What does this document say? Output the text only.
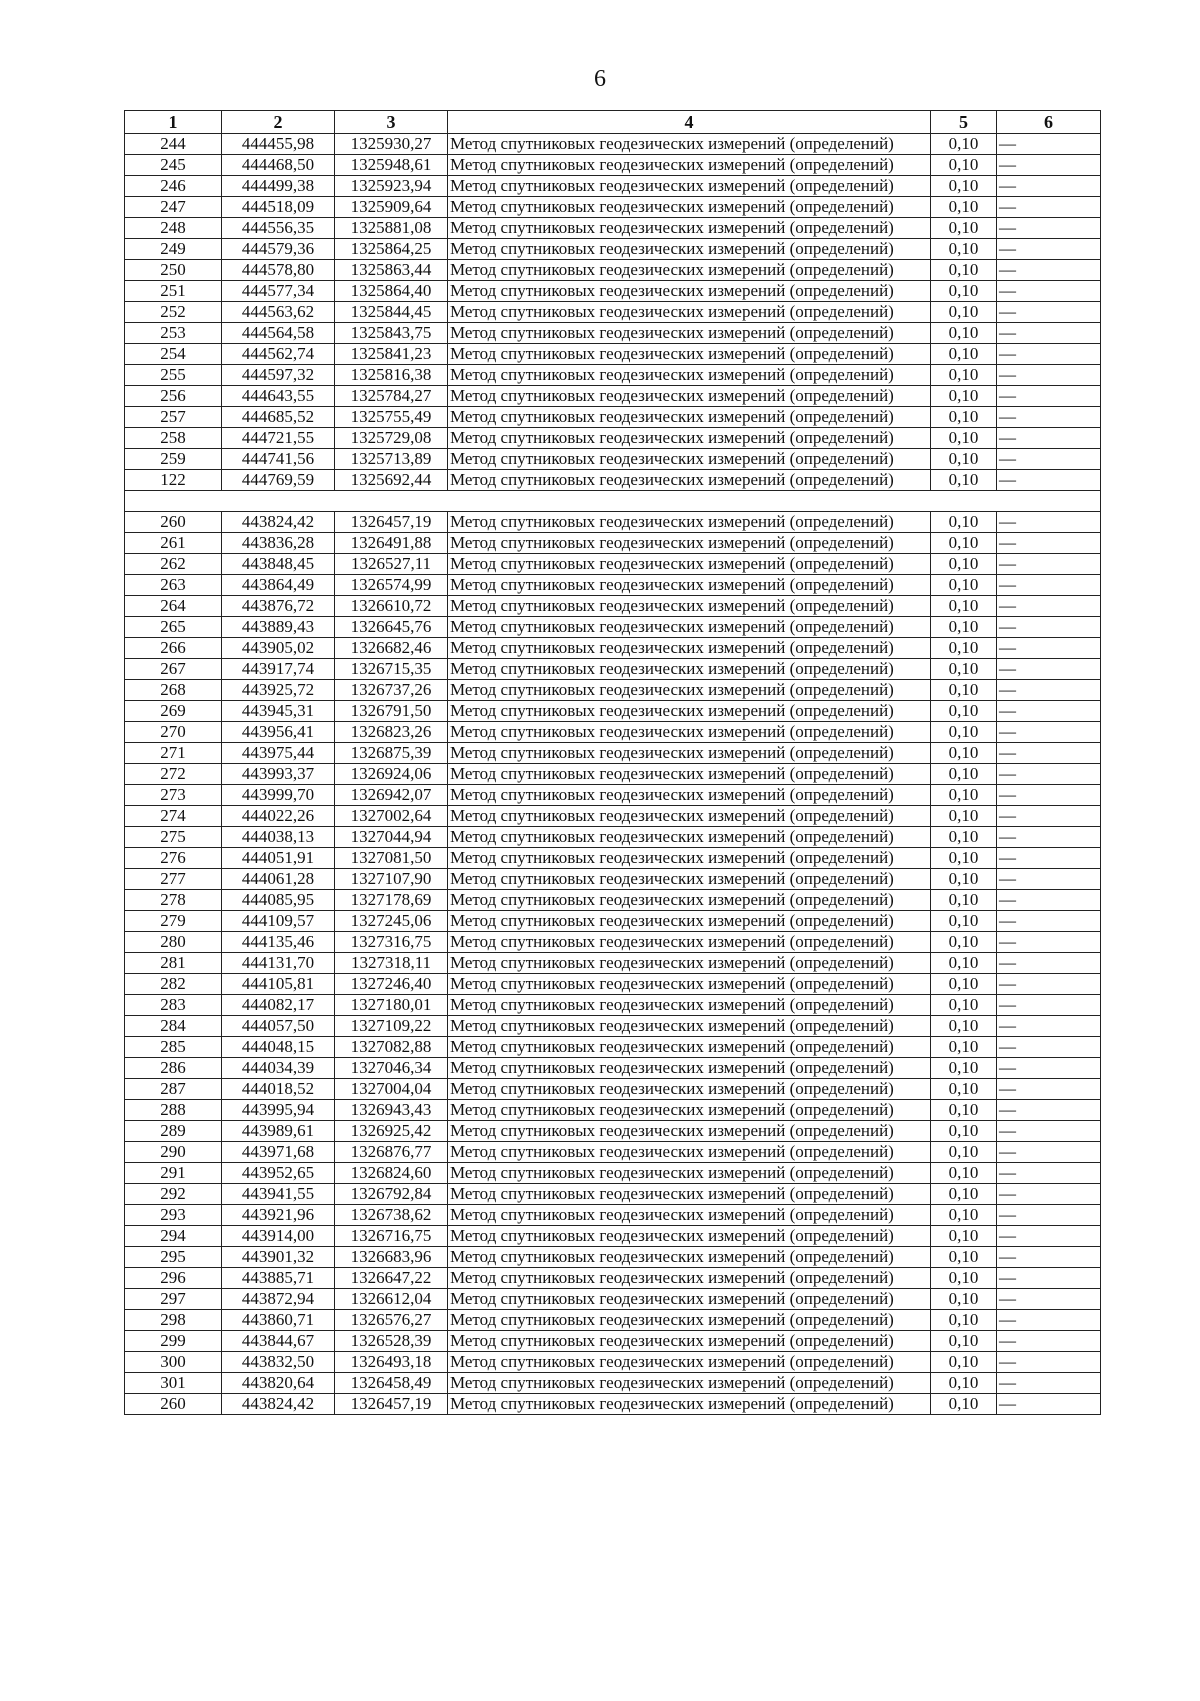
6
1	2	3	4	5	6
244	444455,98	1325930,27	Метод спутниковых геодезических измерений (определений)	0,10	—
245	444468,50	1325948,61	Метод спутниковых геодезических измерений (определений)	0,10	—
246	444499,38	1325923,94	Метод спутниковых геодезических измерений (определений)	0,10	—
247	444518,09	1325909,64	Метод спутниковых геодезических измерений (определений)	0,10	—
248	444556,35	1325881,08	Метод спутниковых геодезических измерений (определений)	0,10	—
249	444579,36	1325864,25	Метод спутниковых геодезических измерений (определений)	0,10	—
250	444578,80	1325863,44	Метод спутниковых геодезических измерений (определений)	0,10	—
251	444577,34	1325864,40	Метод спутниковых геодезических измерений (определений)	0,10	—
252	444563,62	1325844,45	Метод спутниковых геодезических измерений (определений)	0,10	—
253	444564,58	1325843,75	Метод спутниковых геодезических измерений (определений)	0,10	—
254	444562,74	1325841,23	Метод спутниковых геодезических измерений (определений)	0,10	—
255	444597,32	1325816,38	Метод спутниковых геодезических измерений (определений)	0,10	—
256	444643,55	1325784,27	Метод спутниковых геодезических измерений (определений)	0,10	—
257	444685,52	1325755,49	Метод спутниковых геодезических измерений (определений)	0,10	—
258	444721,55	1325729,08	Метод спутниковых геодезических измерений (определений)	0,10	—
259	444741,56	1325713,89	Метод спутниковых геодезических измерений (определений)	0,10	—
122	444769,59	1325692,44	Метод спутниковых геодезических измерений (определений)	0,10	—

260	443824,42	1326457,19	Метод спутниковых геодезических измерений (определений)	0,10	—
261	443836,28	1326491,88	Метод спутниковых геодезических измерений (определений)	0,10	—
262	443848,45	1326527,11	Метод спутниковых геодезических измерений (определений)	0,10	—
263	443864,49	1326574,99	Метод спутниковых геодезических измерений (определений)	0,10	—
264	443876,72	1326610,72	Метод спутниковых геодезических измерений (определений)	0,10	—
265	443889,43	1326645,76	Метод спутниковых геодезических измерений (определений)	0,10	—
266	443905,02	1326682,46	Метод спутниковых геодезических измерений (определений)	0,10	—
267	443917,74	1326715,35	Метод спутниковых геодезических измерений (определений)	0,10	—
268	443925,72	1326737,26	Метод спутниковых геодезических измерений (определений)	0,10	—
269	443945,31	1326791,50	Метод спутниковых геодезических измерений (определений)	0,10	—
270	443956,41	1326823,26	Метод спутниковых геодезических измерений (определений)	0,10	—
271	443975,44	1326875,39	Метод спутниковых геодезических измерений (определений)	0,10	—
272	443993,37	1326924,06	Метод спутниковых геодезических измерений (определений)	0,10	—
273	443999,70	1326942,07	Метод спутниковых геодезических измерений (определений)	0,10	—
274	444022,26	1327002,64	Метод спутниковых геодезических измерений (определений)	0,10	—
275	444038,13	1327044,94	Метод спутниковых геодезических измерений (определений)	0,10	—
276	444051,91	1327081,50	Метод спутниковых геодезических измерений (определений)	0,10	—
277	444061,28	1327107,90	Метод спутниковых геодезических измерений (определений)	0,10	—
278	444085,95	1327178,69	Метод спутниковых геодезических измерений (определений)	0,10	—
279	444109,57	1327245,06	Метод спутниковых геодезических измерений (определений)	0,10	—
280	444135,46	1327316,75	Метод спутниковых геодезических измерений (определений)	0,10	—
281	444131,70	1327318,11	Метод спутниковых геодезических измерений (определений)	0,10	—
282	444105,81	1327246,40	Метод спутниковых геодезических измерений (определений)	0,10	—
283	444082,17	1327180,01	Метод спутниковых геодезических измерений (определений)	0,10	—
284	444057,50	1327109,22	Метод спутниковых геодезических измерений (определений)	0,10	—
285	444048,15	1327082,88	Метод спутниковых геодезических измерений (определений)	0,10	—
286	444034,39	1327046,34	Метод спутниковых геодезических измерений (определений)	0,10	—
287	444018,52	1327004,04	Метод спутниковых геодезических измерений (определений)	0,10	—
288	443995,94	1326943,43	Метод спутниковых геодезических измерений (определений)	0,10	—
289	443989,61	1326925,42	Метод спутниковых геодезических измерений (определений)	0,10	—
290	443971,68	1326876,77	Метод спутниковых геодезических измерений (определений)	0,10	—
291	443952,65	1326824,60	Метод спутниковых геодезических измерений (определений)	0,10	—
292	443941,55	1326792,84	Метод спутниковых геодезических измерений (определений)	0,10	—
293	443921,96	1326738,62	Метод спутниковых геодезических измерений (определений)	0,10	—
294	443914,00	1326716,75	Метод спутниковых геодезических измерений (определений)	0,10	—
295	443901,32	1326683,96	Метод спутниковых геодезических измерений (определений)	0,10	—
296	443885,71	1326647,22	Метод спутниковых геодезических измерений (определений)	0,10	—
297	443872,94	1326612,04	Метод спутниковых геодезических измерений (определений)	0,10	—
298	443860,71	1326576,27	Метод спутниковых геодезических измерений (определений)	0,10	—
299	443844,67	1326528,39	Метод спутниковых геодезических измерений (определений)	0,10	—
300	443832,50	1326493,18	Метод спутниковых геодезических измерений (определений)	0,10	—
301	443820,64	1326458,49	Метод спутниковых геодезических измерений (определений)	0,10	—
260	443824,42	1326457,19	Метод спутниковых геодезических измерений (определений)	0,10	—
